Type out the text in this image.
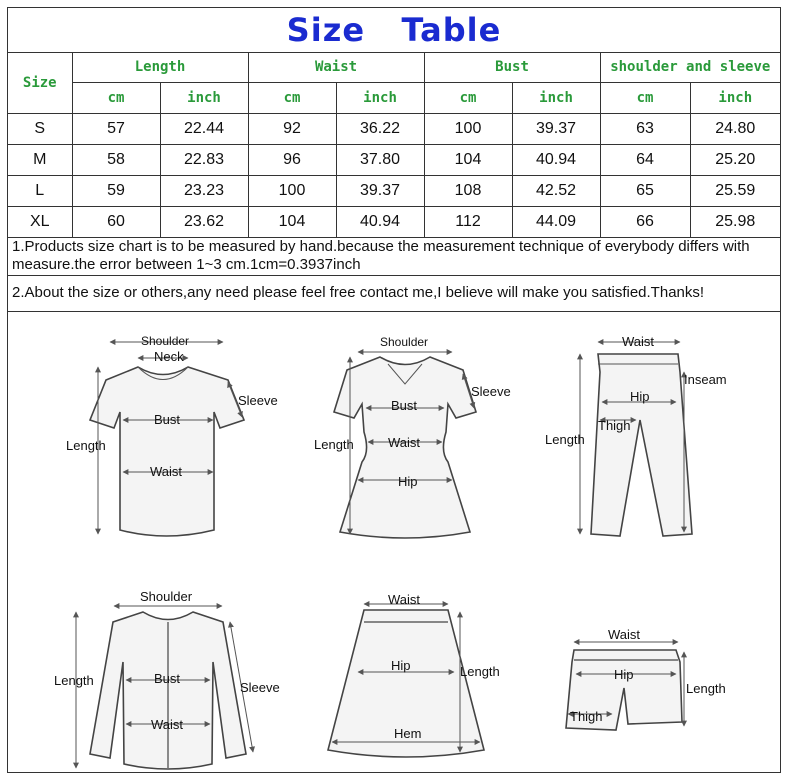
Size   Table
Size	Length		Waist		Bust		shoulder and sleeve	
	cm	inch	cm	inch	cm	inch	cm	inch
S	57	22.44	92	36.22	100	39.37	63	24.80
M	58	22.83	96	37.80	104	40.94	64	25.20
L	59	23.23	100	39.37	108	42.52	65	25.59
XL	60	23.62	104	40.94	112	44.09	66	25.98
1.Products size chart is to be measured by hand.because the measurement technique of everybody differs with measure.the error between 1~3 cm.1cm=0.3937inch
2.About the size or others,any need please feel free contact me,I believe will make you satisfied.Thanks!
Shoulder
Neck
Sleeve
Bust
Length
Waist
Shoulder
Sleeve
Bust
Length	Waist
Hip
Waist
Inseam
Hip
Thigh
Length
Shoulder
Length	Bust
Sleeve
Waist
Waist
Hip	Length
Hem
Waist
Hip
Length
Thigh
